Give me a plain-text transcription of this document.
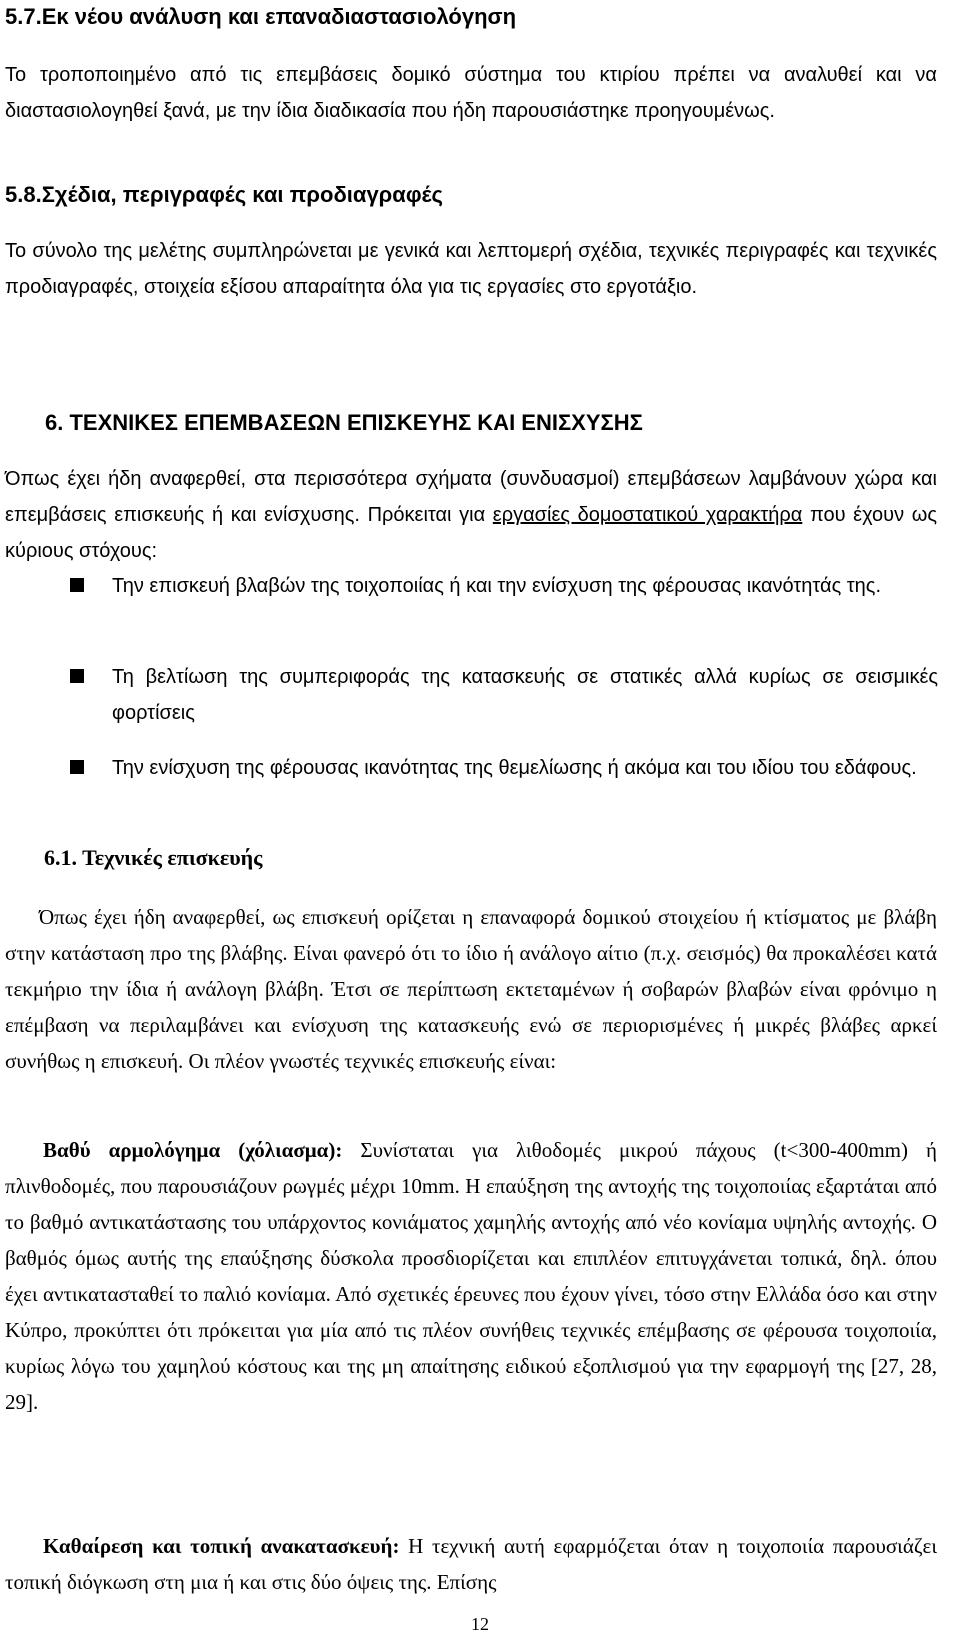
5.7.Εκ νέου ανάλυση και επαναδιαστασιολόγηση

Το τροποποιημένο από τις επεμβάσεις δομικό σύστημα του κτιρίου πρέπει να αναλυθεί και να διαστασιολογηθεί ξανά, με την ίδια διαδικασία που ήδη παρουσιάστηκε προηγουμένως.

5.8.Σχέδια, περιγραφές και προδιαγραφές

Το σύνολο της μελέτης συμπληρώνεται με γενικά και λεπτομερή σχέδια, τεχνικές περιγραφές και τεχνικές προδιαγραφές, στοιχεία εξίσου απαραίτητα όλα για τις εργασίες στο εργοτάξιο.

6. ΤΕΧΝΙΚΕΣ ΕΠΕΜΒΑΣΕΩΝ ΕΠΙΣΚΕΥΗΣ ΚΑΙ ΕΝΙΣΧΥΣΗΣ

Όπως έχει ήδη αναφερθεί, στα περισσότερα σχήματα (συνδυασμοί) επεμβάσεων λαμβάνουν χώρα και επεμβάσεις επισκευής ή και ενίσχυσης. Πρόκειται για εργασίες δομοστατικού χαρακτήρα που έχουν ως κύριους στόχους:

Την επισκευή βλαβών της τοιχοποιίας ή και την ενίσχυση της φέρουσας ικανότητάς της.

Τη βελτίωση της συμπεριφοράς της κατασκευής σε στατικές αλλά κυρίως σε σεισμικές φορτίσεις

Την ενίσχυση της φέρουσας ικανότητας της θεμελίωσης ή ακόμα και του ιδίου του εδάφους.

6.1. Τεχνικές επισκευής

Όπως έχει ήδη αναφερθεί, ως επισκευή ορίζεται η επαναφορά δομικού στοιχείου ή κτίσματος με βλάβη στην κατάσταση προ της βλάβης. Είναι φανερό ότι το ίδιο ή ανάλογο αίτιο (π.χ. σεισμός) θα προκαλέσει κατά τεκμήριο την ίδια ή ανάλογη βλάβη. Έτσι σε περίπτωση εκτεταμένων ή σοβαρών βλαβών είναι φρόνιμο η επέμβαση να περιλαμβάνει και ενίσχυση της κατασκευής ενώ σε περιορισμένες ή μικρές βλάβες αρκεί συνήθως η επισκευή. Οι πλέον γνωστές τεχνικές επισκευής είναι:

Βαθύ αρμολόγημα (χόλιασμα): Συνίσταται για λιθοδομές μικρού πάχους (t<300-400mm) ή πλινθοδομές, που παρουσιάζουν ρωγμές μέχρι 10mm. Η επαύξηση της αντοχής της τοιχοποιίας εξαρτάται από το βαθμό αντικατάστασης του υπάρχοντος κονιάματος χαμηλής αντοχής από νέο κονίαμα υψηλής αντοχής. Ο βαθμός όμως αυτής της επαύξησης δύσκολα προσδιορίζεται και επιπλέον επιτυγχάνεται τοπικά, δηλ. όπου έχει αντικατασταθεί το παλιό κονίαμα. Από σχετικές έρευνες που έχουν γίνει, τόσο στην Ελλάδα όσο και στην Κύπρο, προκύπτει ότι πρόκειται για μία από τις πλέον συνήθεις τεχνικές επέμβασης σε φέρουσα τοιχοποιία, κυρίως λόγω του χαμηλού κόστους και της μη απαίτησης ειδικού εξοπλισμού για την εφαρμογή της [27, 28, 29].

Καθαίρεση και τοπική ανακατασκευή: Η τεχνική αυτή εφαρμόζεται όταν η τοιχοποιία παρουσιάζει τοπική διόγκωση στη μια ή και στις δύο όψεις της. Επίσης

12
